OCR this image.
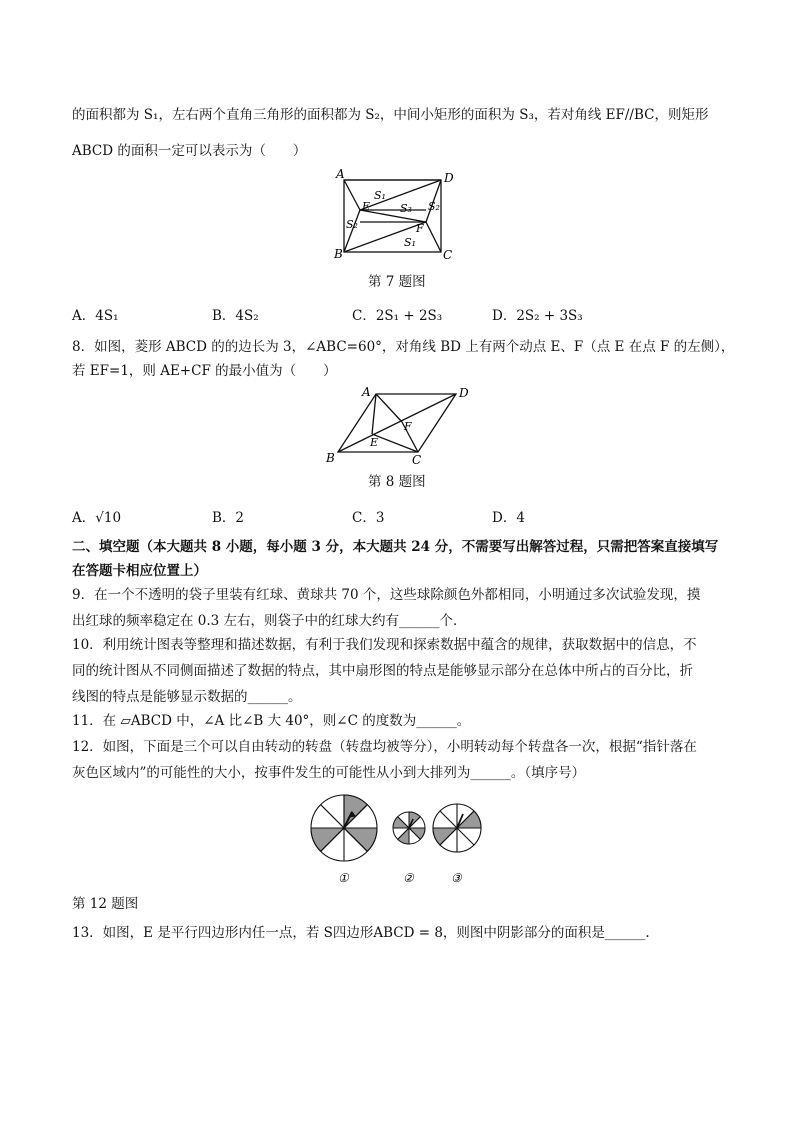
的面积都为 S₁，左右两个直角三角形的面积都为 S₂，中间小矩形的面积为 S₃，若对角线 EF//BC，则矩形
ABCD 的面积一定可以表示为（　　）
A	D
B	C
E
F
S₁
S₃
S₂
S₂
S₁
第 7 题图
A．4S₁	B．4S₂	C．2S₁ + 2S₃	D．2S₂ + 3S₃
8．如图，菱形 ABCD 的的边长为 3，∠ABC=60°，对角线 BD 上有两个动点 E、F（点 E 在点 F 的左侧），
若 EF=1，则 AE+CF 的最小值为（　　）
A	D
B	C
E
F
第 8 题图
A．√10	B．2	C．3	D．4
二、填空题（本大题共 8 小题，每小题 3 分，本大题共 24 分，不需要写出解答过程，只需把答案直接填写
在答题卡相应位置上）
9．在一个不透明的袋子里装有红球、黄球共 70 个，这些球除颜色外都相同，小明通过多次试验发现，摸
出红球的频率稳定在 0.3 左右，则袋子中的红球大约有______个．
10．利用统计图表等整理和描述数据，有利于我们发现和探索数据中蕴含的规律，获取数据中的信息，不
同的统计图从不同侧面描述了数据的特点，其中扇形图的特点是能够显示部分在总体中所占的百分比，折
线图的特点是能够显示数据的______。
11．在 ▱ABCD 中，∠A 比∠B 大 40°，则∠C 的度数为______。
12．如图，下面是三个可以自由转动的转盘（转盘均被等分），小明转动每个转盘各一次，根据“指针落在
灰色区域内”的可能性的大小，按事件发生的可能性从小到大排列为______。（填序号）
①	②	③
第 12 题图
13．如图，E 是平行四边形内任一点，若 S四边形ABCD = 8，则图中阴影部分的面积是______.
